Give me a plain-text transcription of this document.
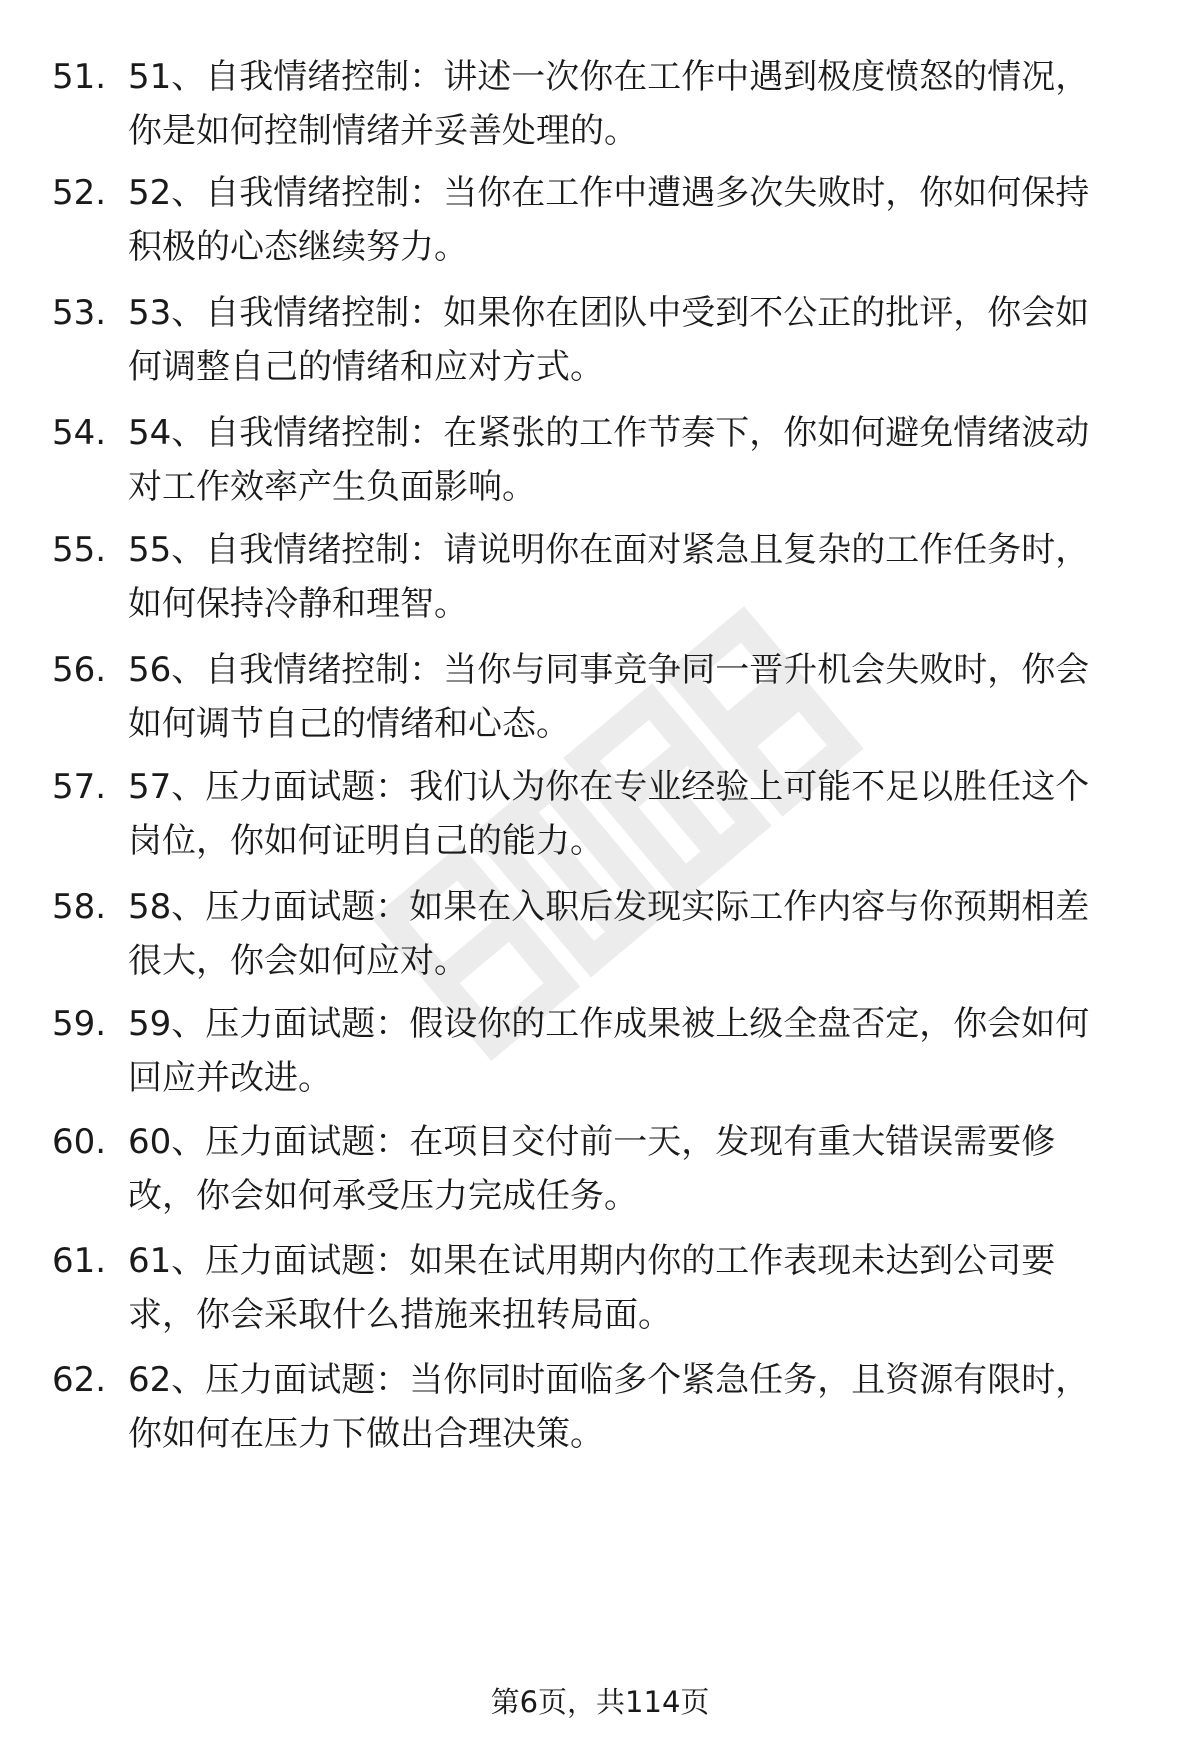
51. 51、自我情绪控制：讲述一次你在工作中遇到极度愤怒的情况，
你是如何控制情绪并妥善处理的。
52. 52、自我情绪控制：当你在工作中遭遇多次失败时，你如何保持
积极的心态继续努力。
53. 53、自我情绪控制：如果你在团队中受到不公正的批评，你会如
何调整自己的情绪和应对方式。
54. 54、自我情绪控制：在紧张的工作节奏下，你如何避免情绪波动
对工作效率产生负面影响。
55. 55、自我情绪控制：请说明你在面对紧急且复杂的工作任务时，
如何保持冷静和理智。
56. 56、自我情绪控制：当你与同事竞争同一晋升机会失败时，你会
如何调节自己的情绪和心态。
57. 57、压力面试题：我们认为你在专业经验上可能不足以胜任这个
岗位，你如何证明自己的能力。
58. 58、压力面试题：如果在入职后发现实际工作内容与你预期相差
很大，你会如何应对。
59. 59、压力面试题：假设你的工作成果被上级全盘否定，你会如何
回应并改进。
60. 60、压力面试题：在项目交付前一天，发现有重大错误需要修
改，你会如何承受压力完成任务。
61. 61、压力面试题：如果在试用期内你的工作表现未达到公司要
求，你会采取什么措施来扭转局面。
62. 62、压力面试题：当你同时面临多个紧急任务，且资源有限时，
你如何在压力下做出合理决策。
第6页，共114页
